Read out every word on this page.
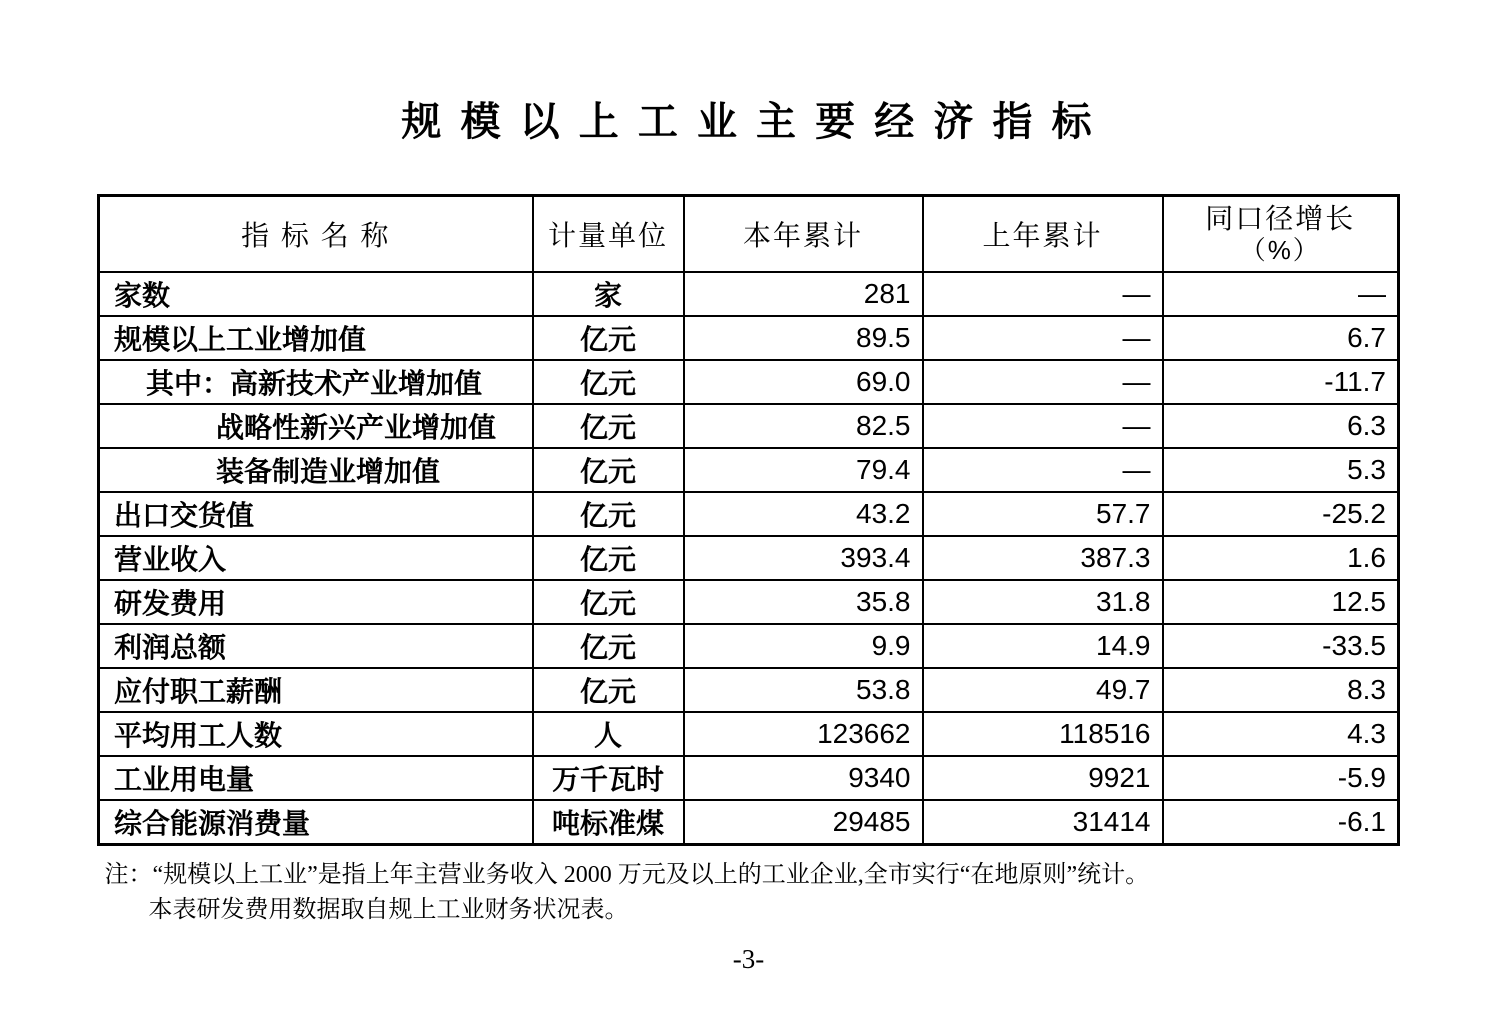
规 模 以 上 工 业 主 要 经 济 指 标
指 标 名 称	计量单位	本年累计	上年累计	同口径增长
（%）

家数	家	281	—	—
规模以上工业增加值	亿元	89.5	—	6.7
其中：高新技术产业增加值	亿元	69.0	—	-11.7
战略性新兴产业增加值	亿元	82.5	—	6.3
装备制造业增加值	亿元	79.4	—	5.3
出口交货值	亿元	43.2	57.7	-25.2
营业收入	亿元	393.4	387.3	1.6
研发费用	亿元	35.8	31.8	12.5
利润总额	亿元	9.9	14.9	-33.5
应付职工薪酬	亿元	53.8	49.7	8.3
平均用工人数	人	123662	118516	4.3
工业用电量	万千瓦时	9340	9921	-5.9
综合能源消费量	吨标准煤	29485	31414	-6.1
注：“规模以上工业”是指上年主营业务收入 2000 万元及以上的工业企业,全市实行“在地原则”统计。
本表研发费用数据取自规上工业财务状况表。
-3-
